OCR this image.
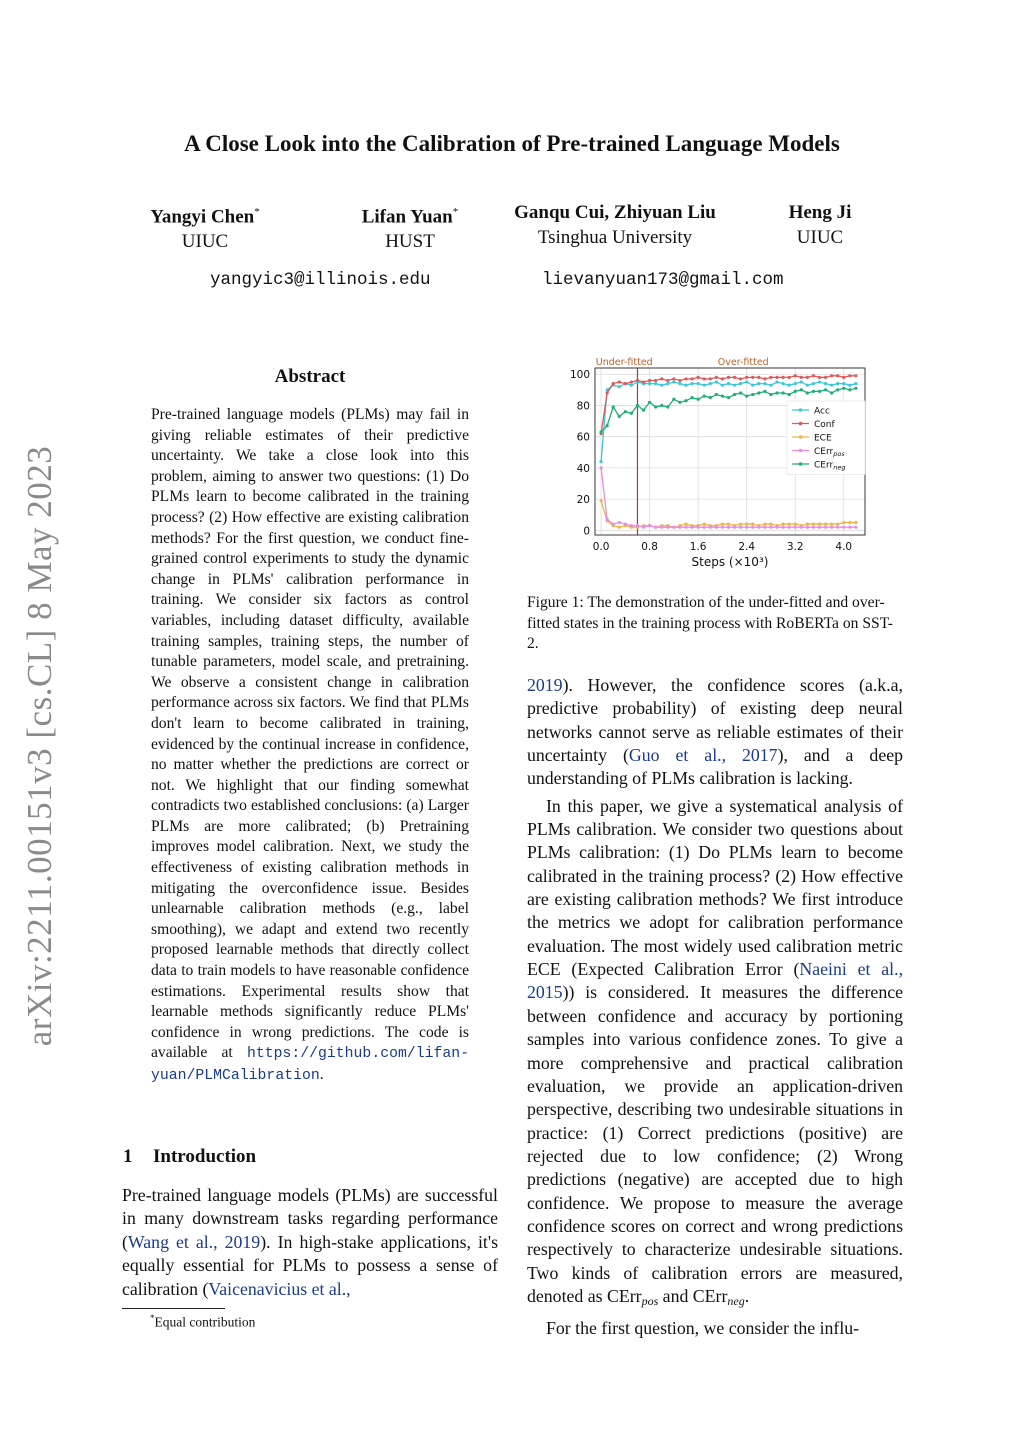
A Close Look into the Calibration of Pre-trained Language Models
Yangyi Chen*
UIUC
Lifan Yuan*
HUST
Ganqu Cui, Zhiyuan Liu
Tsinghua University
Heng Ji
UIUC
yangyic3@illinois.edu	lievanyuan173@gmail.com
arXiv:2211.00151v3 [cs.CL] 8 May 2023
Abstract
Pre-trained language models (PLMs) may fail in giving reliable estimates of their predictive uncertainty. We take a close look into this problem, aiming to answer two questions: (1) Do PLMs learn to become calibrated in the training process? (2) How effective are existing calibration methods? For the first question, we conduct fine-grained control experiments to study the dynamic change in PLMs' calibration performance in training. We consider six factors as control variables, including dataset difficulty, available training samples, training steps, the number of tunable parameters, model scale, and pretraining. We observe a consistent change in calibration performance across six factors. We find that PLMs don't learn to become calibrated in training, evidenced by the continual increase in confidence, no matter whether the predictions are correct or not. We highlight that our finding somewhat contradicts two established conclusions: (a) Larger PLMs are more calibrated; (b) Pretraining improves model calibration. Next, we study the effectiveness of existing calibration methods in mitigating the overconfidence issue. Besides unlearnable calibration methods (e.g., label smoothing), we adapt and extend two recently proposed learnable methods that directly collect data to train models to have reasonable confidence estimations. Experimental results show that learnable methods significantly reduce PLMs' confidence in wrong predictions. The code is available at https://github.com/lifan-yuan/PLMCalibration.
1 Introduction
Pre-trained language models (PLMs) are successful in many downstream tasks regarding performance (Wang et al., 2019). In high-stake applications, it's equally essential for PLMs to possess a sense of calibration (Vaicenavicius et al.,
*Equal contribution
0
20
40
60
80
100
0.0	0.8	1.6	2.4	3.2	4.0
Under-fitted	Over-fitted
Acc
Conf
ECE
CErr$_{pos}$
CErr$_{neg}$
Steps (×10³)
Figure 1: The demonstration of the under-fitted and over-fitted states in the training process with RoBERTa on SST-2.

2019). However, the confidence scores (a.k.a, predictive probability) of existing deep neural networks cannot serve as reliable estimates of their uncertainty (Guo et al., 2017), and a deep understanding of PLMs calibration is lacking.

In this paper, we give a systematical analysis of PLMs calibration. We consider two questions about PLMs calibration: (1) Do PLMs learn to become calibrated in the training process? (2) How effective are existing calibration methods? We first introduce the metrics we adopt for calibration performance evaluation. The most widely used calibration metric ECE (Expected Calibration Error (Naeini et al., 2015)) is considered. It measures the difference between confidence and accuracy by portioning samples into various confidence zones. To give a more comprehensive and practical calibration evaluation, we provide an application-driven perspective, describing two undesirable situations in practice: (1) Correct predictions (positive) are rejected due to low confidence; (2) Wrong predictions (negative) are accepted due to high confidence. We propose to measure the average confidence scores on correct and wrong predictions respectively to characterize undesirable situations. Two kinds of calibration errors are measured, denoted as CErr$_{pos}$ and CErr$_{neg}$.

For the first question, we consider the influ-
